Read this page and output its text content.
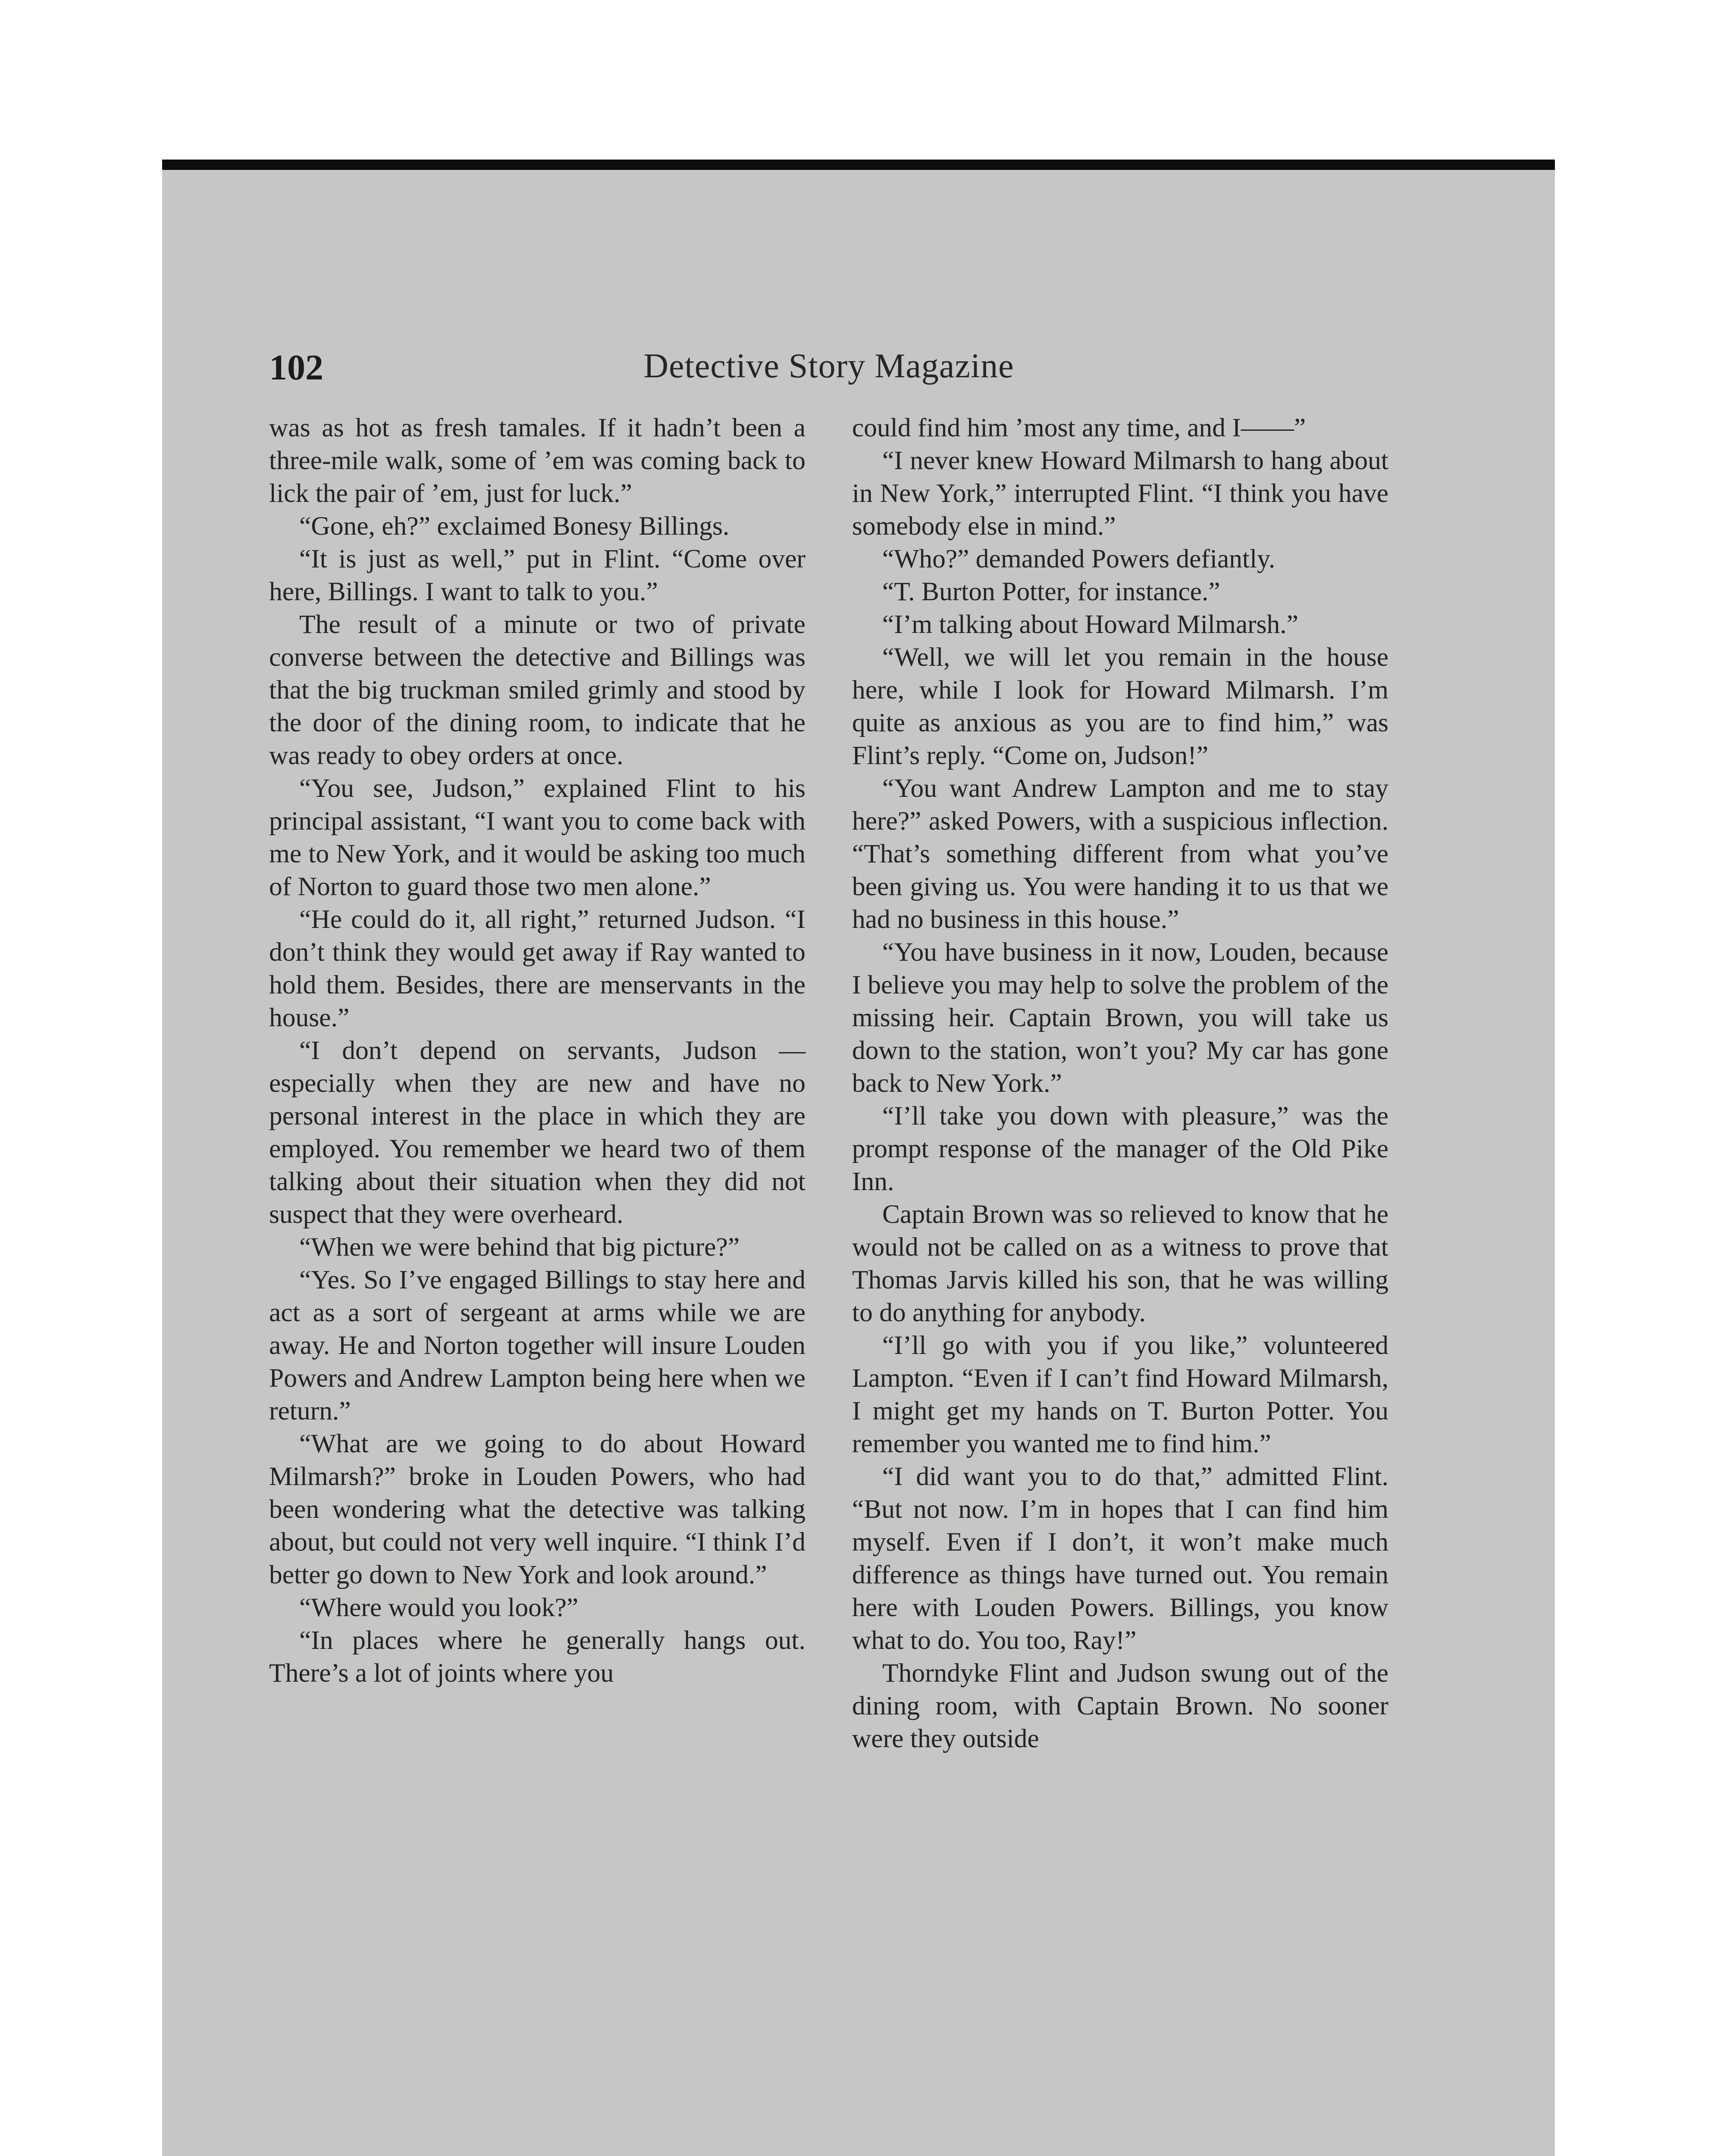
Detective Story Magazine
102

was as hot as fresh tamales. If it hadn’t been a three-mile walk, some of ’em was coming back to lick the pair of ’em, just for luck.”

“Gone, eh?” exclaimed Bonesy Billings.

“It is just as well,” put in Flint. “Come over here, Billings. I want to talk to you.”

The result of a minute or two of private converse between the detective and Billings was that the big truckman smiled grimly and stood by the door of the dining room, to indicate that he was ready to obey orders at once.

“You see, Judson,” explained Flint to his principal assistant, “I want you to come back with me to New York, and it would be asking too much of Norton to guard those two men alone.”

“He could do it, all right,” returned Judson. “I don’t think they would get away if Ray wanted to hold them. Besides, there are menservants in the house.”

“I don’t depend on servants, Judson —especially when they are new and have no personal interest in the place in which they are employed. You remember we heard two of them talking about their situation when they did not suspect that they were overheard.

“When we were behind that big picture?”

“Yes. So I’ve engaged Billings to stay here and act as a sort of sergeant at arms while we are away. He and Norton together will insure Louden Powers and Andrew Lampton being here when we return.”

“What are we going to do about Howard Milmarsh?” broke in Louden Powers, who had been wondering what the detective was talking about, but could not very well inquire. “I think I’d better go down to New York and look around.”

“Where would you look?”

“In places where he generally hangs out. There’s a lot of joints where you

could find him ’most any time, and I——”

“I never knew Howard Milmarsh to hang about in New York,” interrupted Flint. “I think you have somebody else in mind.”

“Who?” demanded Powers defiantly.

“T. Burton Potter, for instance.”

“I’m talking about Howard Milmarsh.”

“Well, we will let you remain in the house here, while I look for Howard Milmarsh. I’m quite as anxious as you are to find him,” was Flint’s reply. “Come on, Judson!”

“You want Andrew Lampton and me to stay here?” asked Powers, with a suspicious inflection. “That’s something different from what you’ve been giving us. You were handing it to us that we had no business in this house.”

“You have business in it now, Louden, because I believe you may help to solve the problem of the missing heir. Captain Brown, you will take us down to the station, won’t you? My car has gone back to New York.”

“I’ll take you down with pleasure,” was the prompt response of the manager of the Old Pike Inn.

Captain Brown was so relieved to know that he would not be called on as a witness to prove that Thomas Jarvis killed his son, that he was willing to do anything for anybody.

“I’ll go with you if you like,” volunteered Lampton. “Even if I can’t find Howard Milmarsh, I might get my hands on T. Burton Potter. You remember you wanted me to find him.”

“I did want you to do that,” admitted Flint. “But not now. I’m in hopes that I can find him myself. Even if I don’t, it won’t make much difference as things have turned out. You remain here with Louden Powers. Billings, you know what to do. You too, Ray!”

Thorndyke Flint and Judson swung out of the dining room, with Captain Brown. No sooner were they outside
